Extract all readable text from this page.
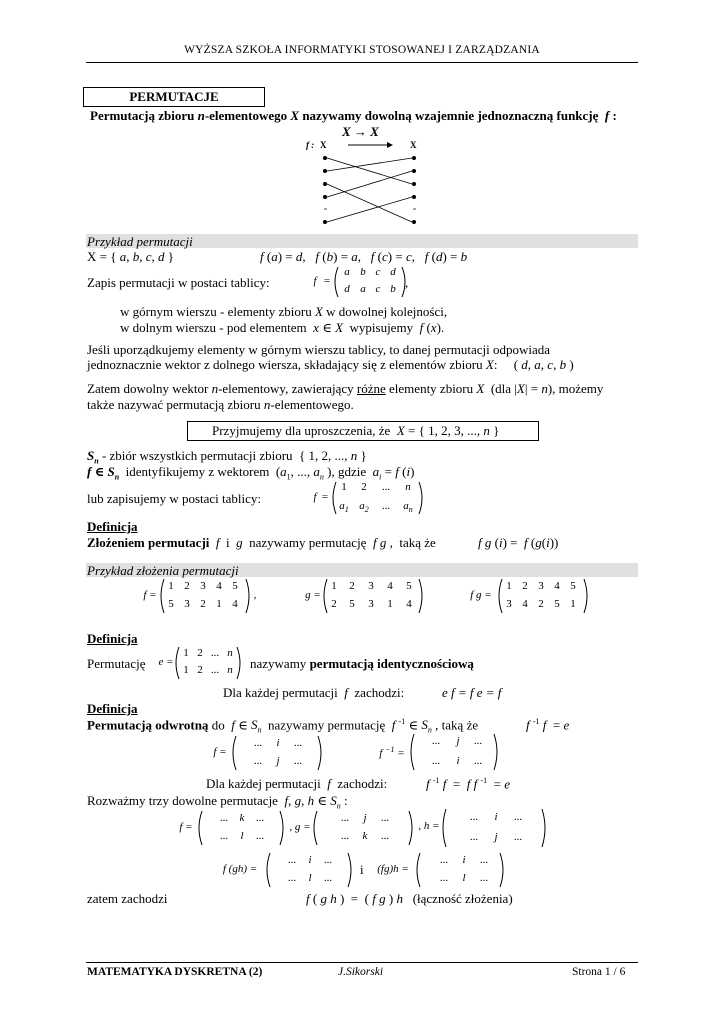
WYŻSZA SZKOŁA INFORMATYKI STOSOWANEJ I ZARZĄDZANIA
PERMUTACJE
Permutacją zbioru n-elementowego X nazywamy dowolną wzajemnie jednoznaczną funkcję  f :
X → X
f : X	X
Przykład permutacji
X = { a, b, c, d }	f (a) = d,   f (b) = a,   f (c) = c,   f (d) = b
Zapis permutacji w postaci tablicy:	f =
a b c d
d a c b ,
w górnym wierszu - elementy zbioru X w dowolnej kolejności,
w dolnym wierszu - pod elementem  x ∈ X  wypisujemy  f (x).
Jeśli uporządkujemy elementy w górnym wierszu tablicy, to danej permutacji odpowiada
jednoznacznie wektor z dolnego wiersza, składający się z elementów zbioru X:     ( d, a, c, b )
Zatem dowolny wektor n-elementowy, zawierający różne elementy zbioru X  (dla |X| = n), możemy
także nazywać permutacją zbioru n-elementowego.
Przyjmujemy dla uproszczenia, że  X = { 1, 2, 3, ..., n }
$S_n$ - zbiór wszystkich permutacji zbioru  { 1, 2, ..., n }
f ∈ $S_n$  identyfikujemy z wektorem  ($a_1$, ..., $a_n$ ), gdzie  $a_i = f$ (i)
lub zapisujemy w postaci tablicy:	f =
1	2	...	n
$a_1$ $a_2$	...	$a_n$
Definicja
Złożeniem permutacji f  i  g  nazywamy permutację  f g ,  taką że	f g (i) =  f (g(i))
Przykład złożenia permutacji
f =
1 2 3 4 5
5 3 2 1 4
,	g =
1	2	3	4	5
2	5	3	1	4
f g =
1 2 3 4 5
3 4 2 5 1
Definicja
Permutację e =
1 2 ... n
1 2 ... n	nazywamy permutacją identycznościową
Dla każdej permutacji  f  zachodzi:	e f = f e = f
Definicja
Permutacją odwrotną do  f ∈ $S_n$  nazywamy permutację  f $^{-1}$ ∈ $S_n$ , taką że	f $^{-1}$ f  = e
f =
...	i	...
...	j	...
f $^{-1}$ =
...	j	...
...	i	...
Dla każdej permutacji  f  zachodzi:	f $^{-1}$ f  =  f f $^{-1}$  = e
Rozważmy trzy dowolne permutacje  f, g, h ∈ $S_n$ :
f =
...	k	...
...	l	...
, g =
...	j	...
...	k	...
, h =
...	i	...
...	j	...
f (gh) =
...	i	...
...	l	...
i	(fg)h =
...	i	...
...	l	...
zatem zachodzi	f ( g h )  =  ( f g ) h   (łączność złożenia)
MATEMATYKA DYSKRETNA (2)	J.Sikorski	Strona 1 / 6
